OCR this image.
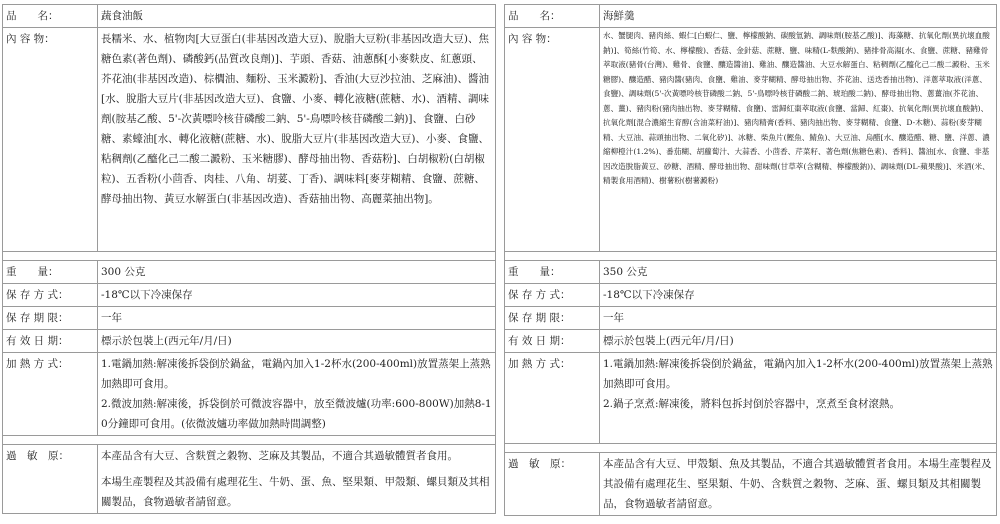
品　　名：	蔬食油飯
內 容 物：	長糯米、水、植物肉[大豆蛋白(非基因改造大豆)、脫脂大豆粉(非基因改造大豆)、焦糖色素(著色劑)、磷酸鈣(品質改良劑)]、芋頭、香菇、油蔥酥[小麥麩皮、紅蔥頭、芥花油(非基因改造)、棕櫚油、麵粉、玉米澱粉]、香油(大豆沙拉油、芝麻油)、醬油[水、脫脂大豆片(非基因改造大豆)、食鹽、小麥、轉化液糖(蔗糖、水)、酒精、調味劑(胺基乙酸、5'-次黃嘌呤核苷磷酸二鈉、5'-鳥嘌呤核苷磷酸二鈉)]、食鹽、白砂糖、素蠔油[水、轉化液糖(蔗糖、水)、脫脂大豆片(非基因改造大豆)、小麥、食鹽、粘稠劑(乙醯化己二酸二澱粉、玉米糖膠)、酵母抽出物、香菇粉]、白胡椒粉(白胡椒粒)、五香粉(小茴香、肉桂、八角、胡荽、丁香)、調味料[麥芽糊精、食鹽、蔗糖、酵母抽出物、黃豆水解蛋白(非基因改造)、香菇抽出物、高麗菜抽出物]。

重　　量：	300 公克
保 存 方 式：	-18℃以下冷凍保存
保 存 期 限：	一年
有 效 日 期：	標示於包裝上(西元年/月/日)
加 熱 方 式：	1.電鍋加熱:解凍後拆袋倒於鍋盆，電鍋內加入1-2杯水(200-400ml)放置蒸架上蒸熟加熱即可食用。
2.微波加熱:解凍後，拆袋倒於可微波容器中，放至微波爐(功率:600-800W)加熱8-10分鐘即可食用。(依微波爐功率做加熱時間調整)

過　敏　原：	本產品含有大豆、含麩質之穀物、芝麻及其製品，不適合其過敏體質者食用。
本場生產製程及其設備有處理花生、牛奶、蛋、魚、堅果類、甲殼類、螺貝類及其相關製品，食物過敏者請留意。
品　　名：	海鮮羹
內 容 物：	水、蟹腿肉、豬肉絲、蝦仁[白蝦仁、鹽、檸檬酸鈉、碳酸氫鈉、調味劑(胺基乙酸)]、海藻糖、抗氧化劑(異抗壞血酸鈉)]、筍絲(竹筍、水、檸檬酸)、香菇、金針菇、蔗糖、鹽、味精(L-麩酸鈉)、豬排骨高湯[水、食鹽、蔗糖、豬雞骨萃取液(豬骨(台灣)、雞骨、食鹽、釀造醬油]、雞油、釀造醬油、大豆水解蛋白、粘稠劑(乙醯化己二酸二澱粉、玉米糖膠)、釀造醋、豬肉醬(豬肉、食鹽、雞油、麥芽糊精、酵母抽出物、芥花油、送迭香抽出物)、洋蔥萃取液(洋蔥、食鹽)、調味劑(5'-次黃嘌呤核苷磷酸二鈉、5'-鳥嘌呤核苷磷酸二鈉、琥珀酸二鈉)、酵母抽出物、蔥薑油(芥花油、蔥、薑)、豬肉粉(豬肉抽出物、麥芽糊精、食鹽)、雷歸紅棗萃取液(食鹽、當歸、紅棗)、抗氧化劑(異抗壞血酸鈉)、抗氧化劑[混合濃縮生育醇(含油菜籽油)]、豬肉精膏(香料、豬肉抽出物、麥芽糊精、食鹽、D-木糖)、蒜粉(麥芽糊精、大豆油、蒜頭抽出物、二氧化矽)]、冰糖、柴魚片(鰹魚、鯖魚)、大豆油、烏醋[水、釀造醋、糖、鹽、洋蔥、濃縮柳橙汁(1.2%)、番茄糊、胡蘿蔔汁、大蒜香、小茴香、芹菜籽、著色劑(焦糖色素)、香料]、醬油[水、食鹽、非基因改造脫脂黃豆、砂糖、酒精、酵母抽出物、甜味劑(甘草萃(含糊精、檸檬酸鈉))、調味劑(DL-蘋果酸)]、米酒(米、精製食用酒精)、樹薯粉(樹薯澱粉)

重　　量：	350 公克
保 存 方 式：	-18℃以下冷凍保存
保 存 期 限：	一年
有 效 日 期：	標示於包裝上(西元年/月/日)
加 熱 方 式：	1.電鍋加熱:解凍後拆袋倒於鍋盆，電鍋內加入1-2杯水(200-400ml)放置蒸架上蒸熟加熱即可食用。
2.鍋子烹煮:解凍後，將料包拆封倒於容器中，烹煮至食材滾熱。

過　敏　原：	本產品含有大豆、甲殼類、魚及其製品，不適合其過敏體質者食用。本場生產製程及其設備有處理花生、堅果類、牛奶、含麩質之穀物、芝麻、蛋、螺貝類及其相關製品，食物過敏者請留意。
